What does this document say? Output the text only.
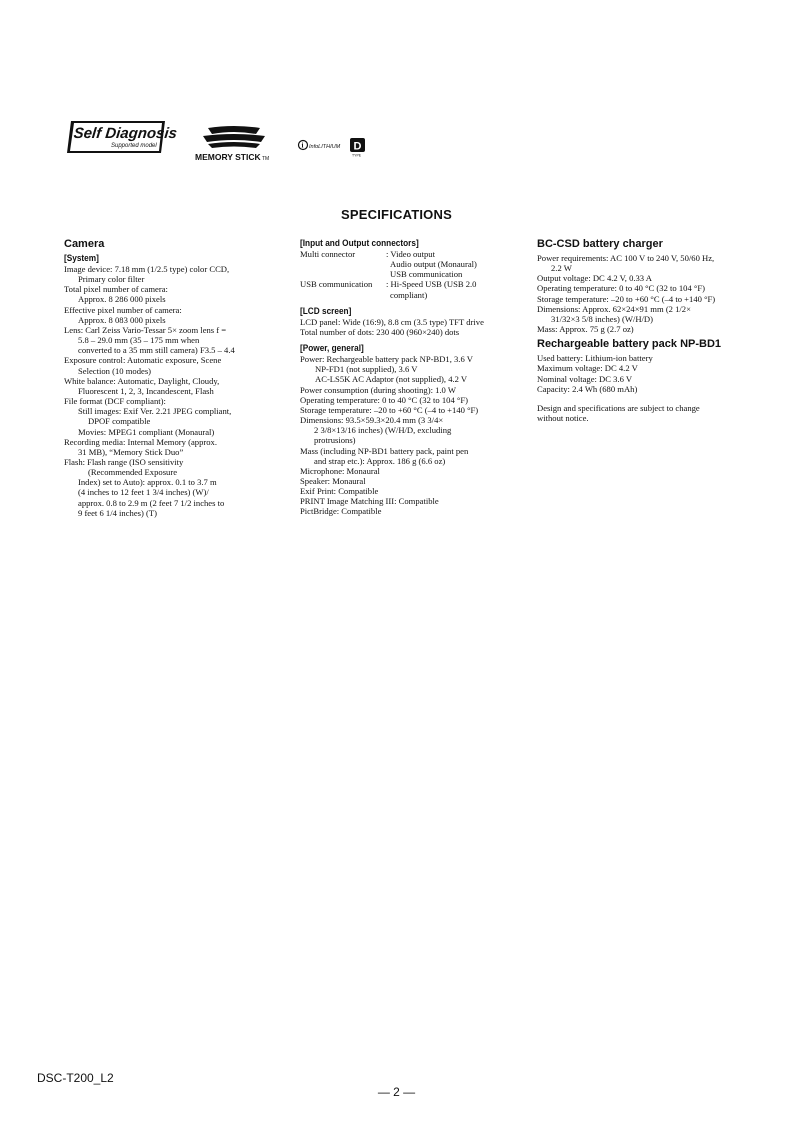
Self Diagnosis
Supported model
MEMORY STICK TM
i InfoLITHIUM D
TYPE
SPECIFICATIONS
Camera
[System]
Image device: 7.18 mm (1/2.5 type) color CCD,
Primary color filter
Total pixel number of camera:
Approx. 8 286 000 pixels
Effective pixel number of camera:
Approx. 8 083 000 pixels
Lens: Carl Zeiss Vario-Tessar 5× zoom lens f =
5.8 – 29.0 mm (35 – 175 mm when
converted to a 35 mm still camera) F3.5 – 4.4
Exposure control: Automatic exposure, Scene
Selection (10 modes)
White balance: Automatic, Daylight, Cloudy,
Fluorescent 1, 2, 3, Incandescent, Flash
File format (DCF compliant):
Still images: Exif Ver. 2.21 JPEG compliant,
DPOF compatible
Movies: MPEG1 compliant (Monaural)
Recording media: Internal Memory (approx.
31 MB), “Memory Stick Duo”
Flash: Flash range (ISO sensitivity
(Recommended Exposure
Index) set to Auto): approx. 0.1 to 3.7 m
(4 inches to 12 feet 1 3/4 inches) (W)/
approx. 0.8 to 2.9 m (2 feet 7 1/2 inches to
9 feet 6 1/4 inches) (T)
[Input and Output connectors]
Multi connector	: Video output
Audio output (Monaural)
USB communication
USB communication	: Hi-Speed USB (USB 2.0
compliant)
[LCD screen]
LCD panel: Wide (16:9), 8.8 cm (3.5 type) TFT drive
Total number of dots: 230 400 (960×240) dots
[Power, general]
Power: Rechargeable battery pack NP-BD1, 3.6 V
NP-FD1 (not supplied), 3.6 V
AC-LS5K AC Adaptor (not supplied), 4.2 V
Power consumption (during shooting): 1.0 W
Operating temperature: 0 to 40 °C (32 to 104 °F)
Storage temperature: –20 to +60 °C (–4 to +140 °F)
Dimensions: 93.5×59.3×20.4 mm (3 3/4×
2 3/8×13/16 inches) (W/H/D, excluding
protrusions)
Mass (including NP-BD1 battery pack, paint pen
and strap etc.): Approx. 186 g (6.6 oz)
Microphone: Monaural
Speaker: Monaural
Exif Print: Compatible
PRINT Image Matching III: Compatible
PictBridge: Compatible
BC-CSD battery charger
Power requirements: AC 100 V to 240 V, 50/60 Hz,
2.2 W
Output voltage: DC 4.2 V, 0.33 A
Operating temperature: 0 to 40 °C (32 to 104 °F)
Storage temperature: –20 to +60 °C (–4 to +140 °F)
Dimensions: Approx. 62×24×91 mm (2 1/2×
31/32×3 5/8 inches) (W/H/D)
Mass: Approx. 75 g (2.7 oz)
Rechargeable battery pack NP-BD1
Used battery: Lithium-ion battery
Maximum voltage: DC 4.2 V
Nominal voltage: DC 3.6 V
Capacity: 2.4 Wh (680 mAh)
Design and specifications are subject to change
without notice.
DSC-T200_L2
— 2 —
